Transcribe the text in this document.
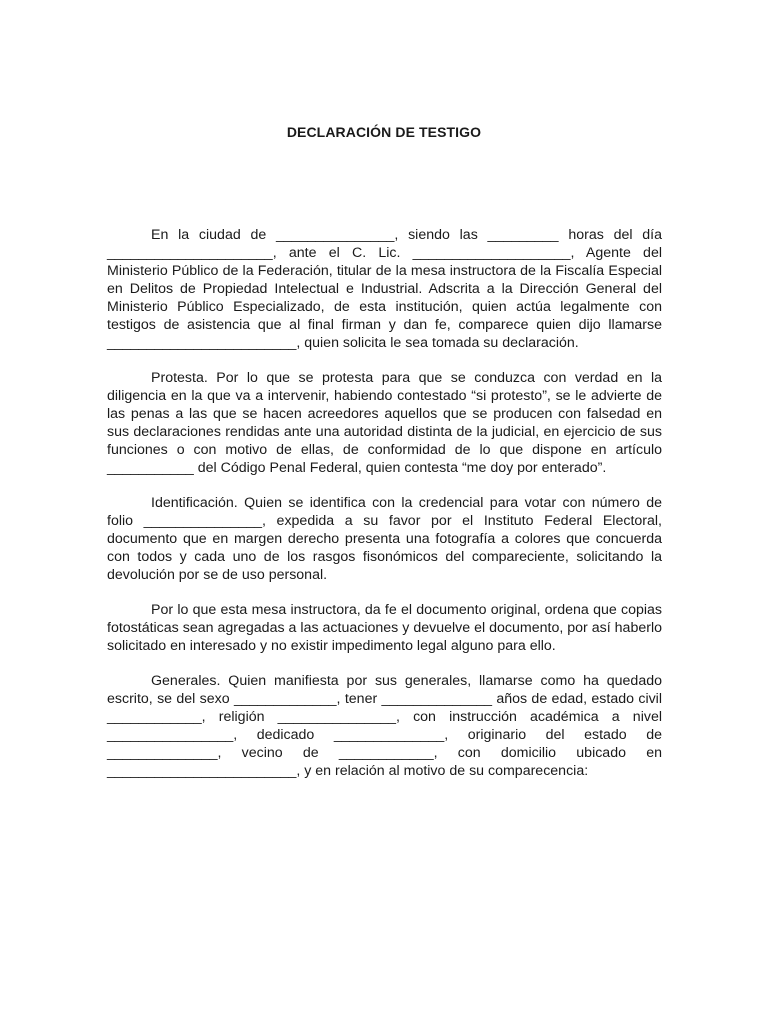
DECLARACIÓN DE TESTIGO

En la ciudad de _______________, siendo las _________ horas del día _____________________, ante el C. Lic. ____________________, Agente del Ministerio Público de la Federación, titular de la mesa instructora de la Fiscalía Especial en Delitos de Propiedad Intelectual e Industrial. Adscrita a la Dirección General del Ministerio Público Especializado, de esta institución, quien actúa legalmente con testigos de asistencia que al final firman y dan fe, comparece quien dijo llamarse ________________________, quien solicita le sea tomada su declaración.

Protesta. Por lo que se protesta para que se conduzca con verdad en la diligencia en la que va a intervenir, habiendo contestado “si protesto”, se le advierte de las penas a las que se hacen acreedores aquellos que se producen con falsedad en sus declaraciones rendidas ante una autoridad distinta de la judicial, en ejercicio de sus funciones o con motivo de ellas, de conformidad de lo que dispone en artículo ___________ del Código Penal Federal, quien contesta “me doy por enterado”.

Identificación. Quien se identifica con la credencial para votar con número de folio _______________, expedida a su favor por el Instituto Federal Electoral, documento que en margen derecho presenta una fotografía a colores que concuerda con todos y cada uno de los rasgos fisonómicos del compareciente, solicitando la devolución por se de uso personal.

Por lo que esta mesa instructora, da fe el documento original, ordena que copias fotostáticas sean agregadas a las actuaciones y devuelve el documento, por así haberlo solicitado en interesado y no existir impedimento legal alguno para ello.

Generales. Quien manifiesta por sus generales, llamarse como ha quedado escrito, se del sexo _____________, tener ______________ años de edad, estado civil ____________, religión _______________, con instrucción académica a nivel ________________, dedicado ______________, originario del estado de ______________, vecino de ____________, con domicilio ubicado en ________________________, y en relación al motivo de su comparecencia:
